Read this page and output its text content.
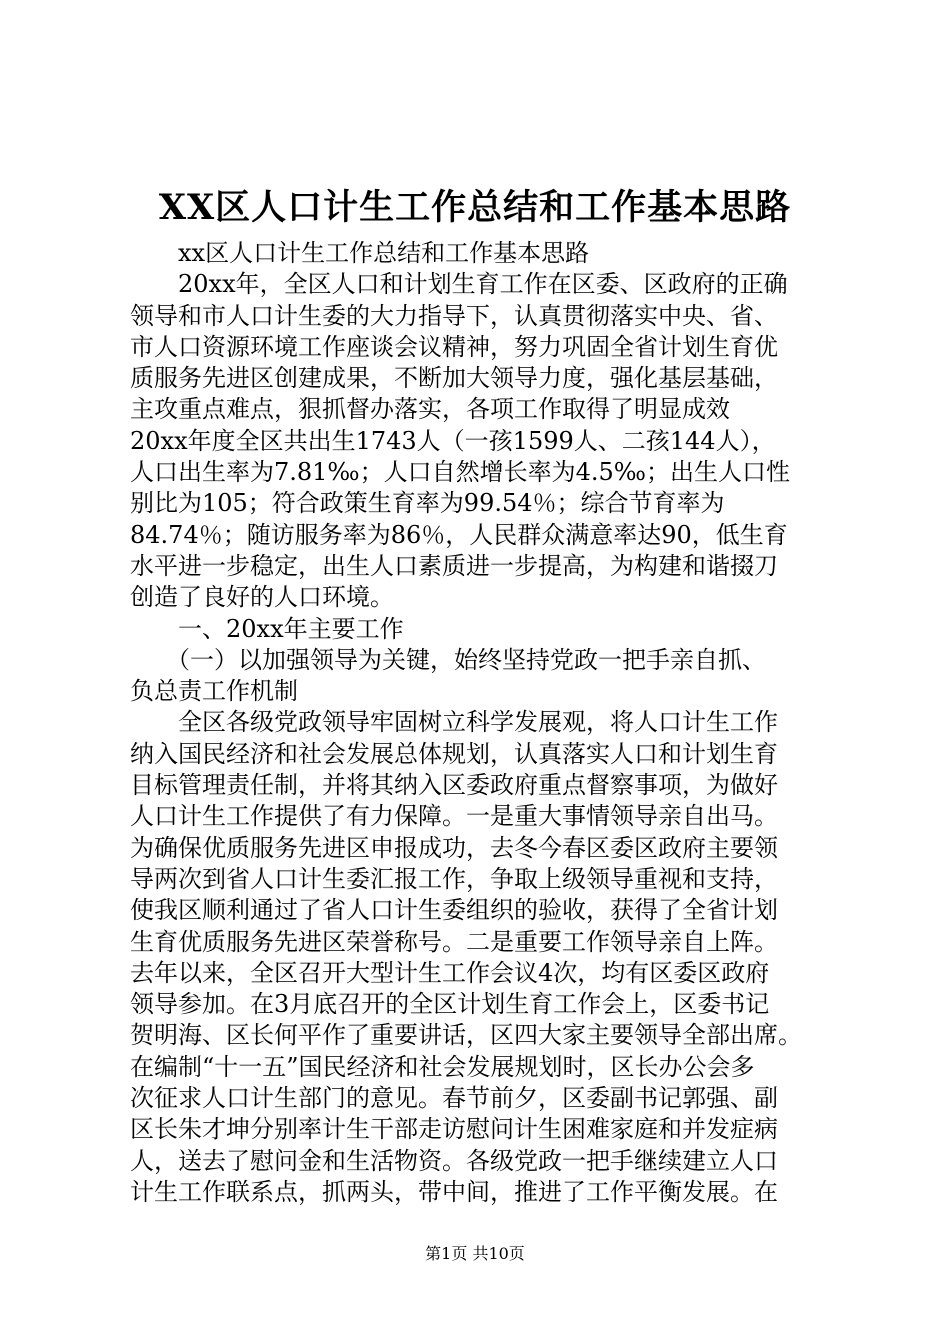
XX区人口计生工作总结和工作基本思路
　　xx区人口计生工作总结和工作基本思路
　　20xx年，全区人口和计划生育工作在区委、区政府的正确
领导和市人口计生委的大力指导下，认真贯彻落实中央、省、
市人口资源环境工作座谈会议精神，努力巩固全省计划生育优
质服务先进区创建成果，不断加大领导力度，强化基层基础，
主攻重点难点，狠抓督办落实，各项工作取得了明显成效
20xx年度全区共出生1743人（一孩1599人、二孩144人），
人口出生率为7.81‰；人口自然增长率为4.5‰；出生人口性
别比为105；符合政策生育率为99.54％；综合节育率为
84.74％；随访服务率为86％，人民群众满意率达90，低生育
水平进一步稳定，出生人口素质进一步提高，为构建和谐掇刀
创造了良好的人口环境。
　　一、20xx年主要工作
　　（一）以加强领导为关键，始终坚持党政一把手亲自抓、
负总责工作机制
　　全区各级党政领导牢固树立科学发展观，将人口计生工作
纳入国民经济和社会发展总体规划，认真落实人口和计划生育
目标管理责任制，并将其纳入区委政府重点督察事项，为做好
人口计生工作提供了有力保障。一是重大事情领导亲自出马。
为确保优质服务先进区申报成功，去冬今春区委区政府主要领
导两次到省人口计生委汇报工作，争取上级领导重视和支持，
使我区顺利通过了省人口计生委组织的验收，获得了全省计划
生育优质服务先进区荣誉称号。二是重要工作领导亲自上阵。
去年以来，全区召开大型计生工作会议4次，均有区委区政府
领导参加。在3月底召开的全区计划生育工作会上，区委书记
贺明海、区长何平作了重要讲话，区四大家主要领导全部出席。
在编制“十一五”国民经济和社会发展规划时，区长办公会多
次征求人口计生部门的意见。春节前夕，区委副书记郭强、副
区长朱才坤分别率计生干部走访慰问计生困难家庭和并发症病
人，送去了慰问金和生活物资。各级党政一把手继续建立人口
计生工作联系点，抓两头，带中间，推进了工作平衡发展。在
第1页 共10页
